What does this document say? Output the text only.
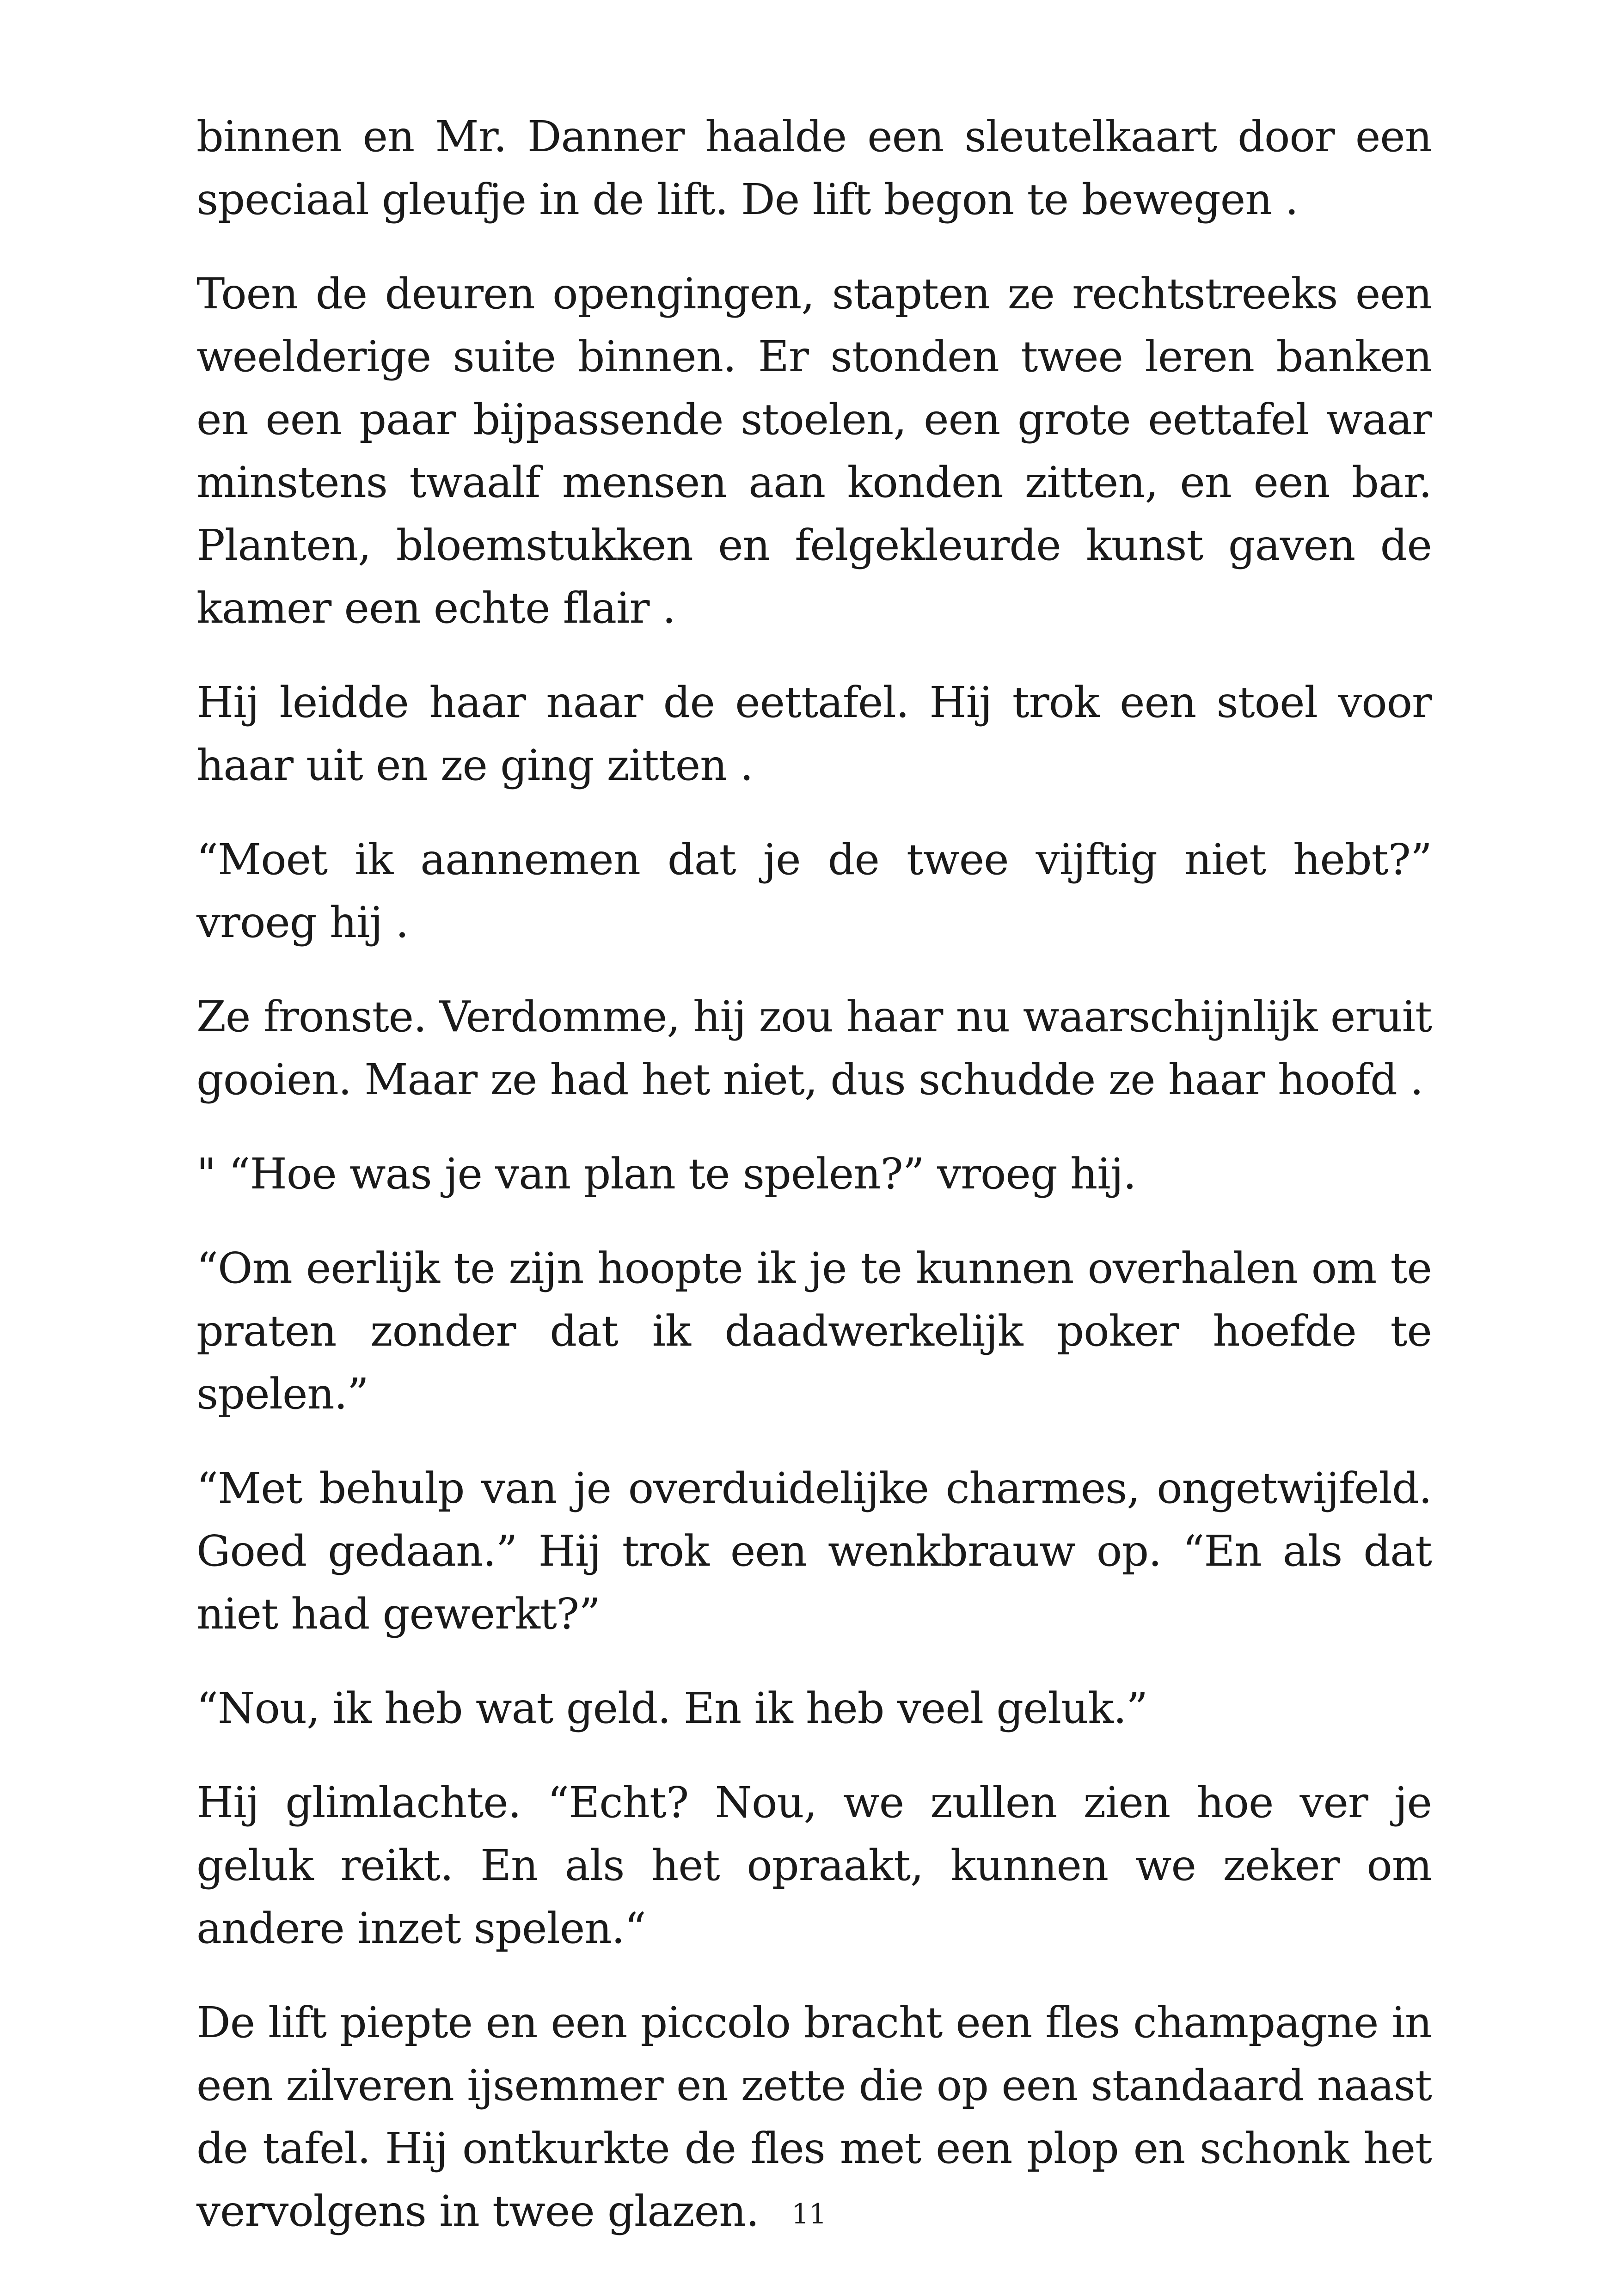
binnen en Mr. Danner haalde een sleutelkaart door een speciaal gleufje in de lift. De lift begon te bewegen .

Toen de deuren opengingen, stapten ze rechtstreeks een weelderige suite binnen. Er stonden twee leren banken en een paar bijpassende stoelen, een grote eettafel waar minstens twaalf mensen aan konden zitten, en een bar. Planten, bloemstukken en felgekleurde kunst gaven de kamer een echte flair .

Hij leidde haar naar de eettafel. Hij trok een stoel voor haar uit en ze ging zitten .

“Moet ik aannemen dat je de twee vijftig niet hebt?” vroeg hij .

Ze fronste. Verdomme, hij zou haar nu waarschijnlijk eruit gooien. Maar ze had het niet, dus schudde ze haar hoofd .

" “Hoe was je van plan te spelen?” vroeg hij.

“Om eerlijk te zijn hoopte ik je te kunnen overhalen om te praten zonder dat ik daadwerkelijk poker hoefde te spelen.”

“Met behulp van je overduidelijke charmes, ongetwijfeld. Goed gedaan.” Hij trok een wenkbrauw op. “En als dat niet had gewerkt?”

“Nou, ik heb wat geld. En ik heb veel geluk.”

Hij glimlachte. “Echt? Nou, we zullen zien hoe ver je geluk reikt. En als het opraakt, kunnen we zeker om andere inzet spelen.“

De lift piepte en een piccolo bracht een fles champagne in een zilveren ijsemmer en zette die op een standaard naast de tafel. Hij ontkurkte de fles met een plop en schonk het vervolgens in twee glazen.	11
